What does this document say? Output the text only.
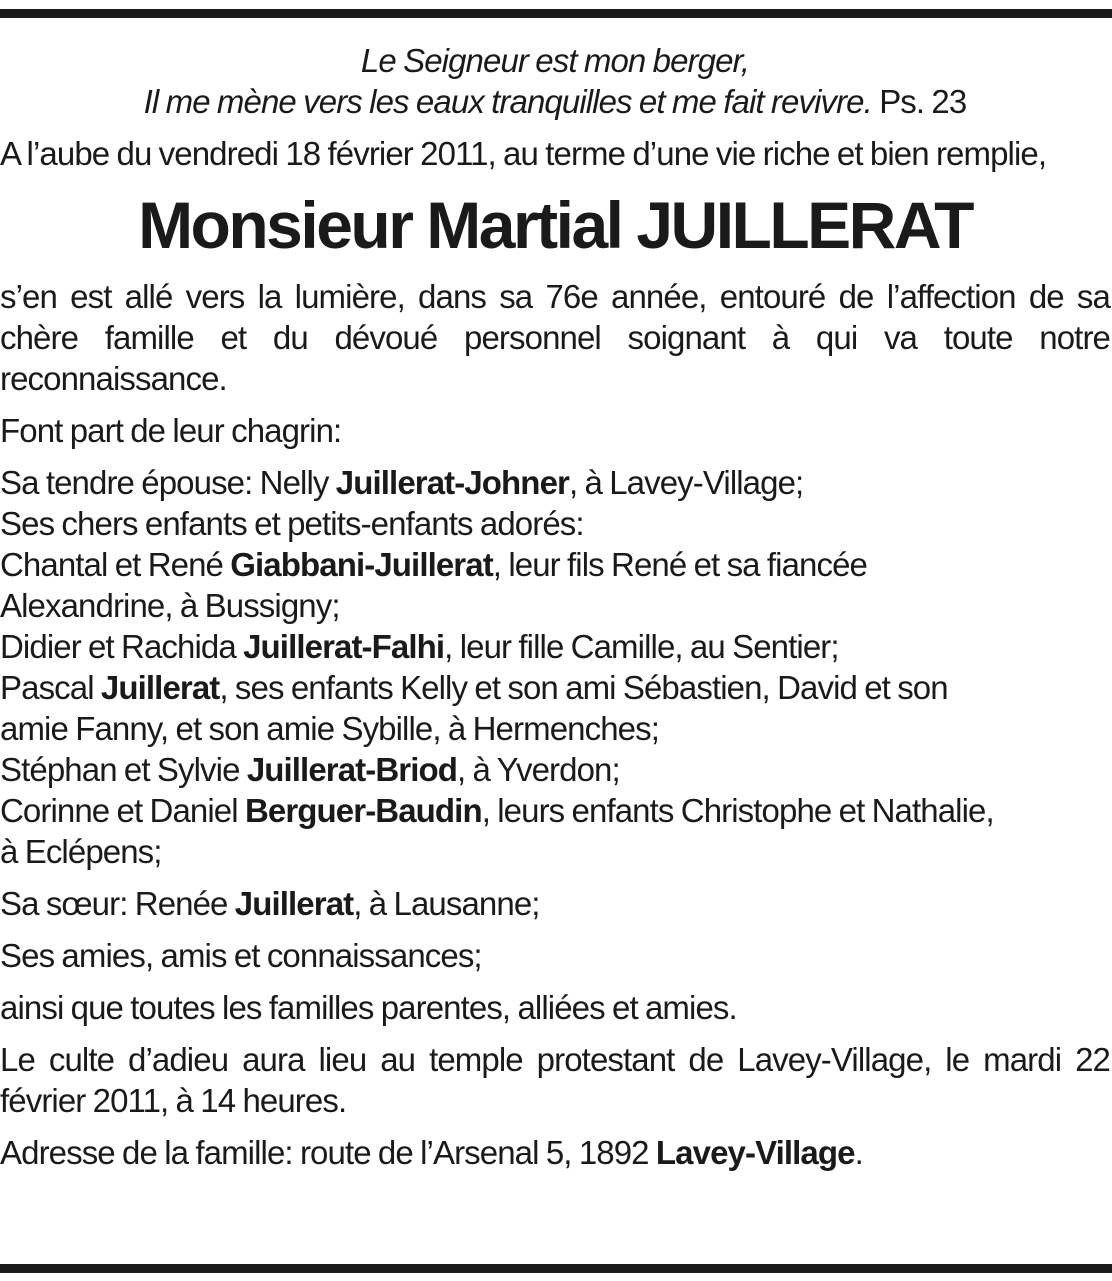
Le Seigneur est mon berger,
Il me mène vers les eaux tranquilles et me fait revivre. Ps. 23
A l’aube du vendredi 18 février 2011, au terme d’une vie riche et bien remplie,
Monsieur Martial JUILLERAT
s’en est allé vers la lumière, dans sa 76e année, entouré de l’affection de sa chère famille et du dévoué personnel soignant à qui va toute notre reconnaissance.
Font part de leur chagrin:
Sa tendre épouse: Nelly Juillerat-Johner, à Lavey-Village;
Ses chers enfants et petits-enfants adorés:
Chantal et René Giabbani-Juillerat, leur fils René et sa fiancée
Alexandrine, à Bussigny;
Didier et Rachida Juillerat-Falhi, leur fille Camille, au Sentier;
Pascal Juillerat, ses enfants Kelly et son ami Sébastien, David et son
amie Fanny, et son amie Sybille, à Hermenches;
Stéphan et Sylvie Juillerat-Briod, à Yverdon;
Corinne et Daniel Berguer-Baudin, leurs enfants Christophe et Nathalie,
à Eclépens;
Sa sœur: Renée Juillerat, à Lausanne;
Ses amies, amis et connaissances;
ainsi que toutes les familles parentes, alliées et amies.
Le culte d’adieu aura lieu au temple protestant de Lavey-Village, le mardi 22 février 2011, à 14 heures.
Adresse de la famille: route de l’Arsenal 5, 1892 Lavey-Village.
